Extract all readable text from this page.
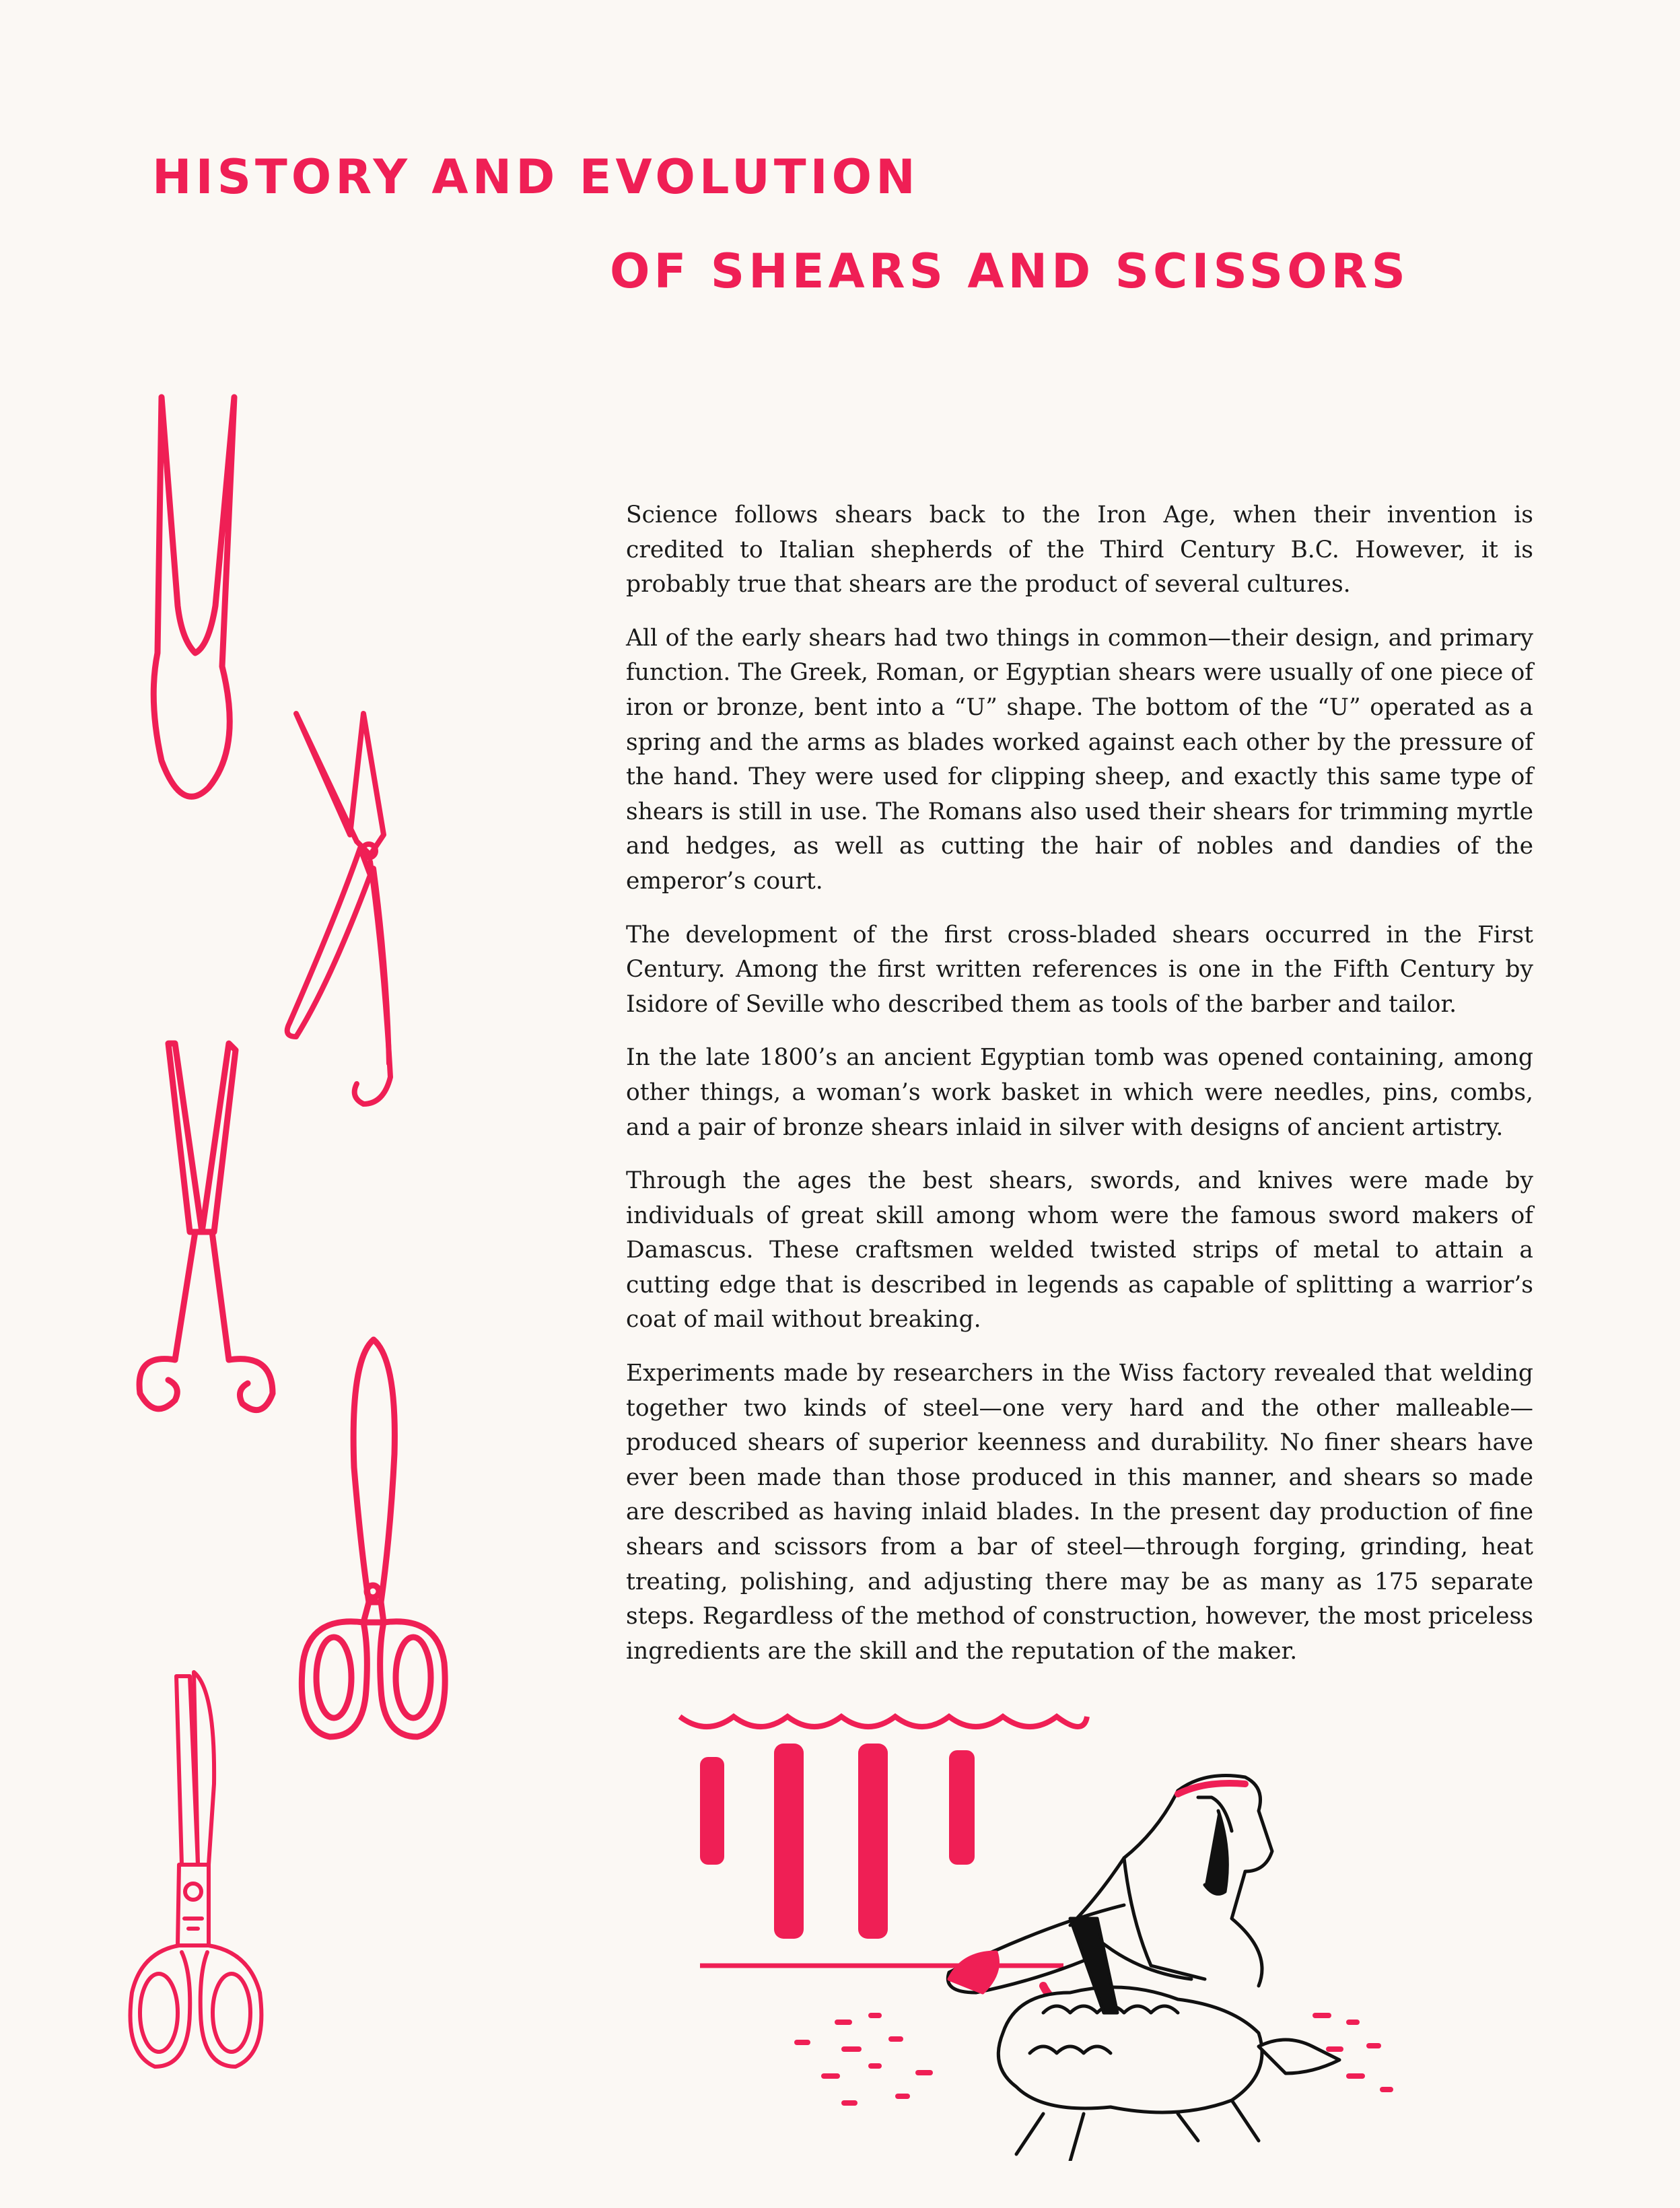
HISTORY AND EVOLUTION
OF SHEARS AND SCISSORS

Science follows shears back to the Iron Age, when their invention is credited to Italian shepherds of the Third Century B.C. However, it is probably true that shears are the product of several cultures.

All of the early shears had two things in common—their design, and primary function. The Greek, Roman, or Egyptian shears were usually of one piece of iron or bronze, bent into a “U” shape. The bottom of the “U” operated as a spring and the arms as blades worked against each other by the pressure of the hand. They were used for clipping sheep, and exactly this same type of shears is still in use. The Romans also used their shears for trimming myrtle and hedges, as well as cutting the hair of nobles and dandies of the emperor’s court.

The development of the first cross-bladed shears occurred in the First Century. Among the first written references is one in the Fifth Century by Isidore of Seville who described them as tools of the barber and tailor.

In the late 1800’s an ancient Egyptian tomb was opened containing, among other things, a woman’s work basket in which were needles, pins, combs, and a pair of bronze shears inlaid in silver with designs of ancient artistry.

Through the ages the best shears, swords, and knives were made by individuals of great skill among whom were the famous sword makers of Damascus. These craftsmen welded twisted strips of metal to attain a cutting edge that is described in legends as capable of splitting a warrior’s coat of mail without breaking.

Experiments made by researchers in the Wiss factory revealed that welding together two kinds of steel—one very hard and the other malleable—produced shears of superior keenness and durability. No finer shears have ever been made than those produced in this manner, and shears so made are described as having inlaid blades. In the present day production of fine shears and scissors from a bar of steel—through forging, grinding, heat treating, polishing, and adjusting there may be as many as 175 separate steps. Regardless of the method of construction, however, the most priceless ingredients are the skill and the reputation of the maker.
